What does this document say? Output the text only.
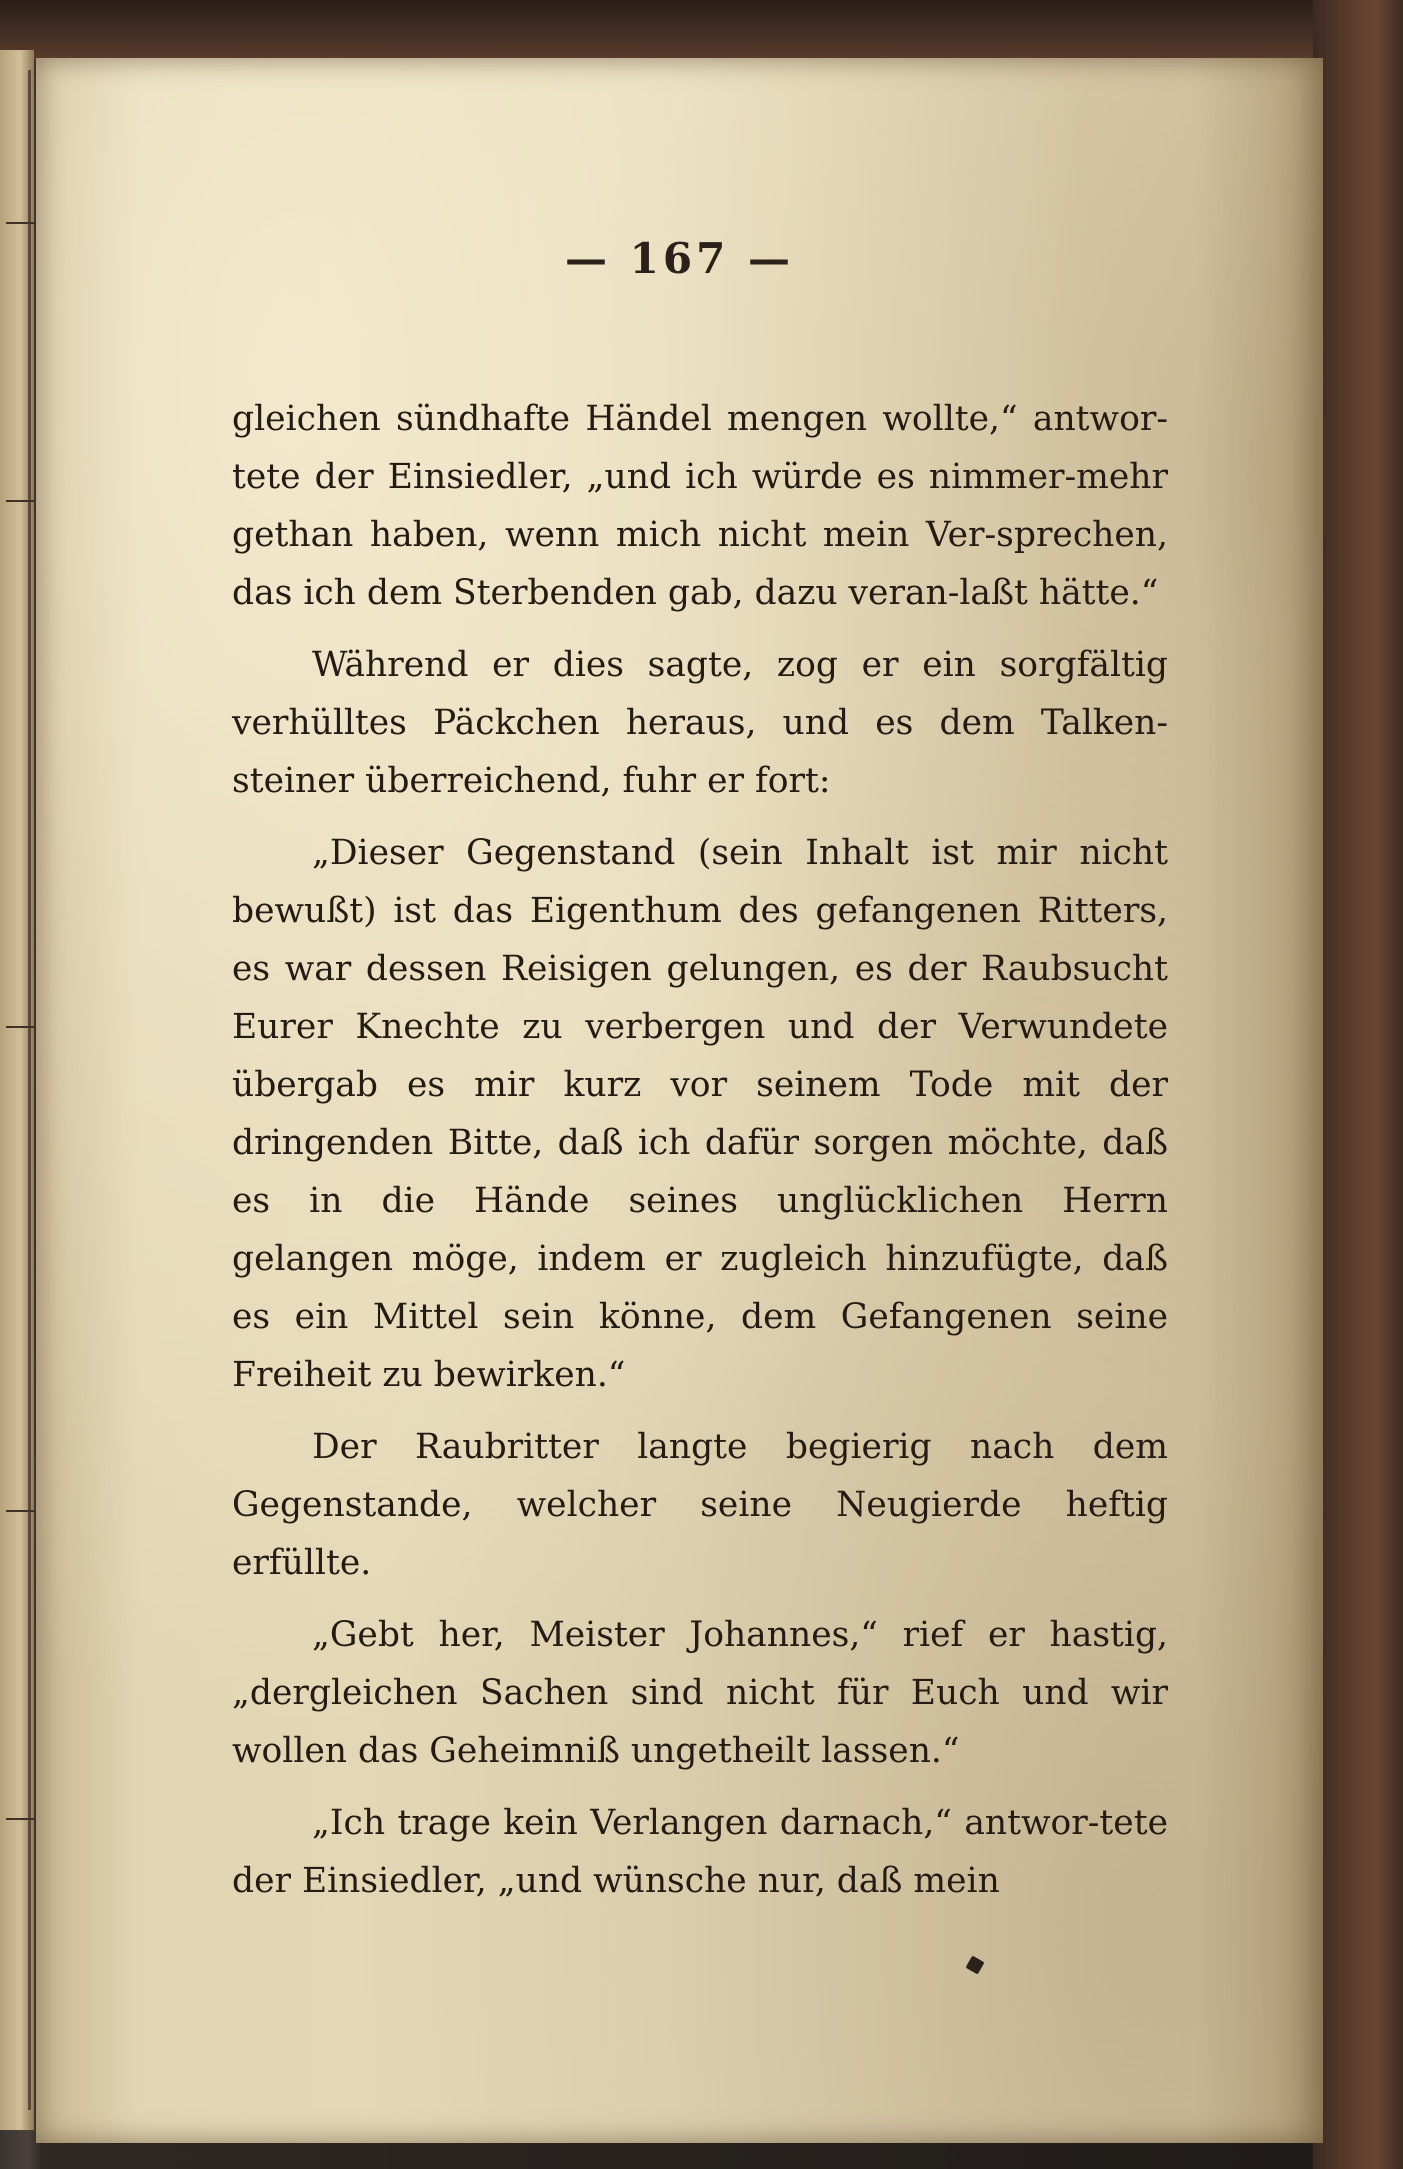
— 167 —

gleichen sündhafte Händel mengen wollte,“ antwor‐tete der Einsiedler, „und ich würde es nimmer‐mehr gethan haben, wenn mich nicht mein Ver‐sprechen, das ich dem Sterbenden gab, dazu veran‐laßt hätte.“

Während er dies sagte, zog er ein sorgfältig verhülltes Päckchen heraus, und es dem Talken‐steiner überreichend, fuhr er fort:

„Dieser Gegenstand (sein Inhalt ist mir nicht bewußt) ist das Eigenthum des gefangenen Ritters, es war dessen Reisigen gelungen, es der Raubsucht Eurer Knechte zu verbergen und der Verwundete übergab es mir kurz vor seinem Tode mit der dringenden Bitte, daß ich dafür sorgen möchte, daß es in die Hände seines unglücklichen Herrn gelangen möge, indem er zugleich hinzufügte, daß es ein Mittel sein könne, dem Gefangenen seine Freiheit zu bewirken.“

Der Raubritter langte begierig nach dem Gegenstande, welcher seine Neugierde heftig erfüllte.

„Gebt her, Meister Johannes,“ rief er hastig, „dergleichen Sachen sind nicht für Euch und wir wollen das Geheimniß ungetheilt lassen.“

„Ich trage kein Verlangen darnach,“ antwor‐tete der Einsiedler, „und wünsche nur, daß mein
